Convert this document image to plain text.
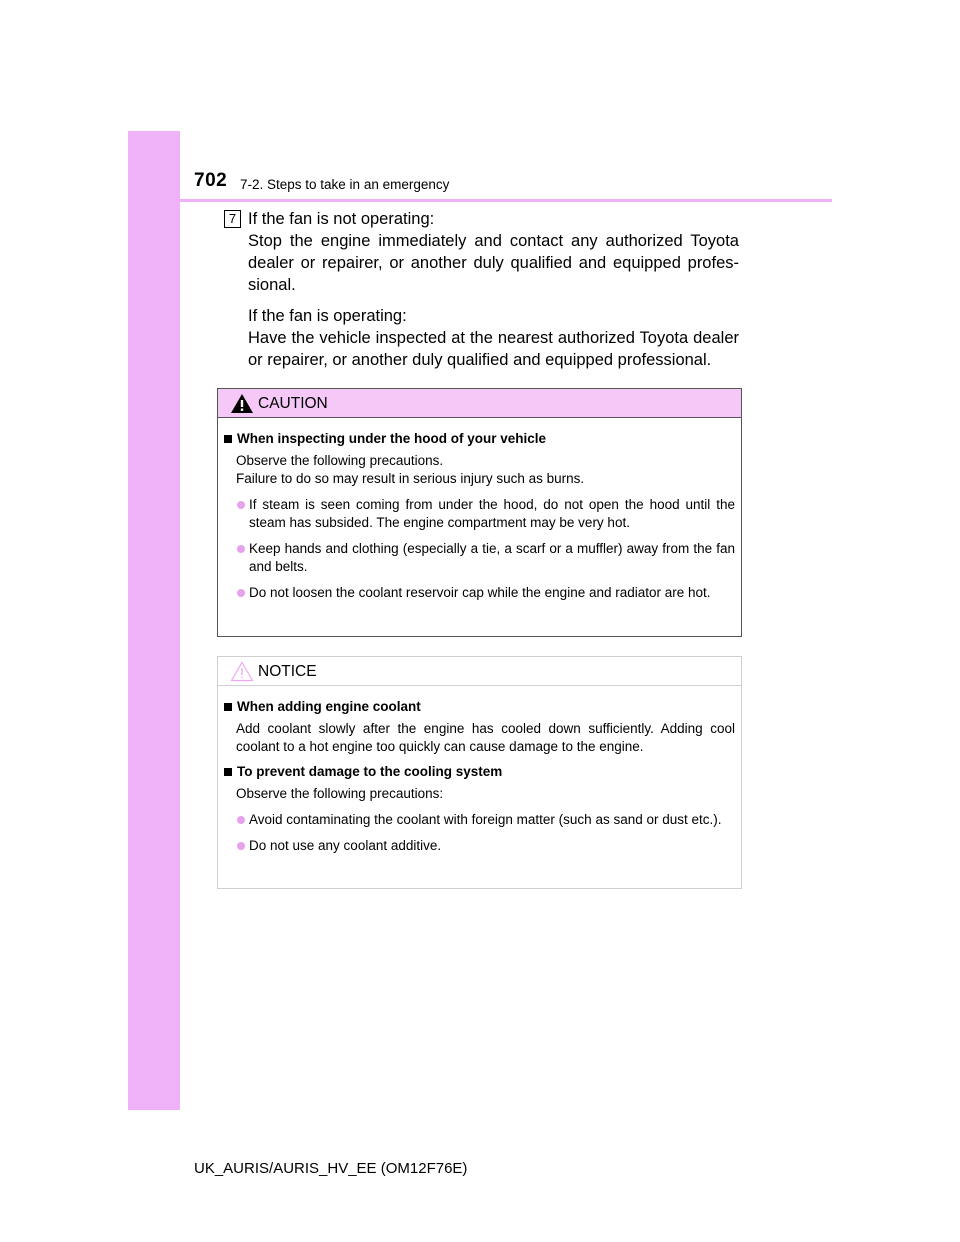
702 7-2. Steps to take in an emergency
7 If the fan is not operating:

Stop the engine immediately and contact any authorized Toyota dealer or repairer, or another duly qualified and equipped profes-sional.

If the fan is operating:

Have the vehicle inspected at the nearest authorized Toyota dealer or repairer, or another duly qualified and equipped professional.

CAUTION
When inspecting under the hood of your vehicle
Observe the following precautions.
Failure to do so may result in serious injury such as burns.
If steam is seen coming from under the hood, do not open the hood until the steam has subsided. The engine compartment may be very hot.
Keep hands and clothing (especially a tie, a scarf or a muffler) away from the fan and belts.
Do not loosen the coolant reservoir cap while the engine and radiator are hot.
NOTICE
When adding engine coolant
Add coolant slowly after the engine has cooled down sufficiently. Adding cool coolant to a hot engine too quickly can cause damage to the engine.
To prevent damage to the cooling system
Observe the following precautions:
Avoid contaminating the coolant with foreign matter (such as sand or dust etc.).
Do not use any coolant additive.
UK_AURIS/AURIS_HV_EE (OM12F76E)
